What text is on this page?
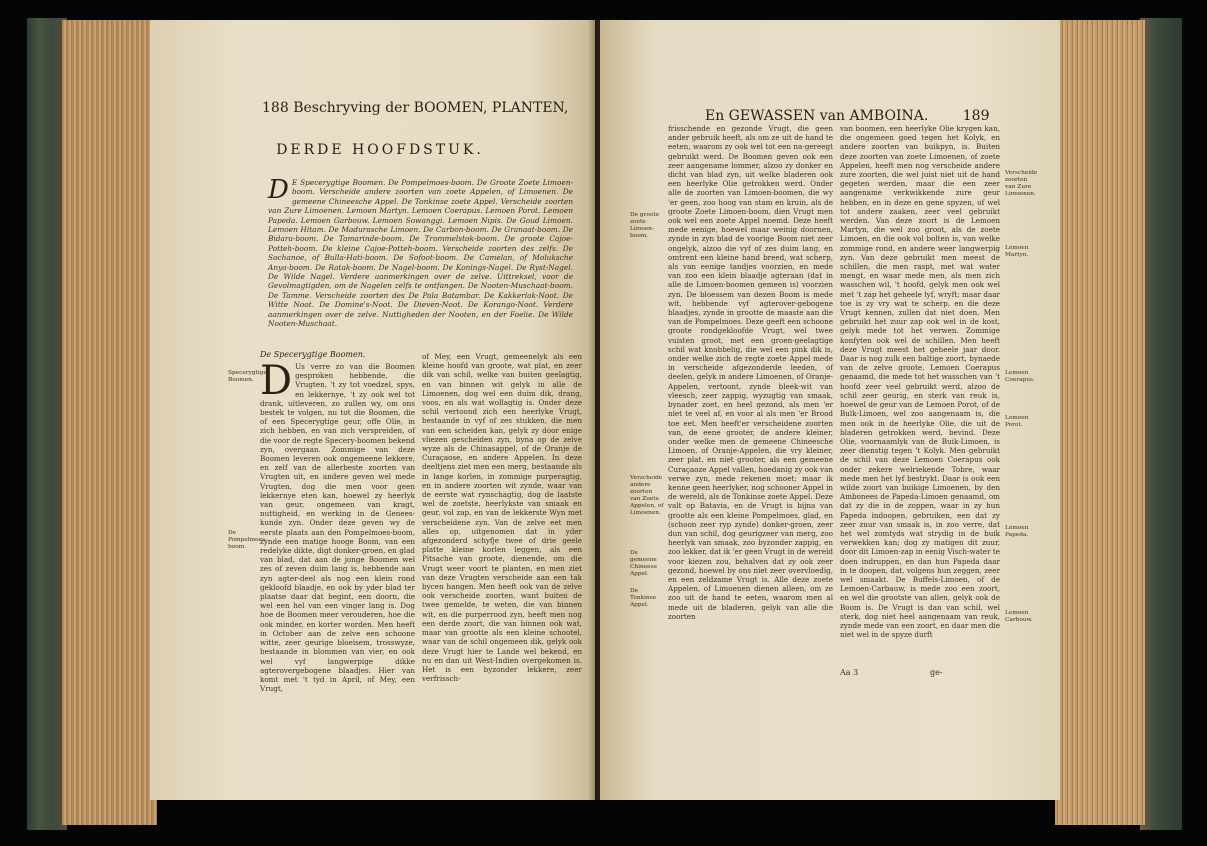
188 Beschryving der BOOMEN, PLANTEN,
DERDE HOOFDSTUK.
D E Specerygtige Boomen. De Pompelmoes-boom. De Groote Zoete Limoen-boom. Verscheide andere zoorten van zoete Appelen, of Limoenen. De gemeene Chineesche Appel. De Tonkinse zoete Appel. Verscheide zoorten van Zure Limoenen. Lemoen Martyn. Lemoen Coerapus. Lemoen Porot. Lemoen Papeda. Lemoen Garbouw. Lemoen Sowanggi. Lemoen Nipis. De Goud Limoen. Lemoen Hitam. De Madurasche Limoen. De Carbon-boom. De Granaat-boom. De Bidara-boom. De Tamarinde-boom. De Trommelstok-boom. De groote Cajoe-Potteh-boom. De kleine Cajoe-Potteh-boom. Verscheide zoorten des zelfs. De Sochanoe, of Bulla-Hati-boom. De Sofoot-boom. De Camelan, of Moluksche Anya-boom. De Ratak-boom. De Nagel-boom. De Konings-Nagel. De Ryst-Nagel. De Wilde Nagel. Verdere aanmerkingen over de zelve. Uittreksel, voor de Gevolmagtigden, om de Nagelen zelfs te ontfangen. De Nooten-Muschaat-boom. De Tamme. Verscheide zoorten des De Pala Batambar. De Kakkerlak-Noot. De Witte Noot. De Domine's-Noot. De Dieven-Noot. De Korango-Noot. Verdere aanmerkingen over de zelve. Nuttigheden der Nooten, en der Foelie. De Wilde Nooten-Muschaat.
De Specerygtige Boomen.
Specerygtige Boomen.
De Pompelmoes-boom.
D Us verre zo van die Boomen gesproken hebbende, die Vrugten, 't zy tot voedzel, spys, en lekkernye, 't zy ook wel tot drank, uitleveren, zo zullen wy, om ons bestek te volgen, nu tot die Boomen, die of een Specerygtige geur, offe Olie, in zich hebben, en van zich verspreiden, of die voor de regte Specery-boomen bekend zyn, overgaan. Zommige van deze Boomen leveren ook ongemeene lekkere, en zelf van de allerbeste zoorten van Vrugten uit, en andere geven wel mede Vrugten, dog die men voor geen lekkernye eten kan, hoewel zy heerlyk van geur, ongemeen van kragt, nuttigheid, en werking in de Genees-kunde zyn. Onder deze geven wy de eerste plaats aan den Pompelmoes-boom, zynde een matige hooge Boom, van een redelyke dikte, digt donker-groen, en glad van blad, dat aan de jonge Boomen wel zes of zeven duim lang is, hebbende aan zyn agter-deel als nog een klein rond gekloofd blaadje, en ook by yder blad ter plaatse daar dat begint, een doorn, die wel een hel van een vinger lang is. Dog hoe de Boomen meer verouderen, hoe die ook minder, en korter worden. Men heeft in October aan de zelve een schoone witte, zeer geurige bloeisem, trosswyze, bestaande in blommen van vier, en ook wel vyf langwerpige dikke agterovergebogene blaadjes. Hier van komt met 't tyd in April, of Mey, een Vrugt,
of Mey, een Vrugt, gemeenelyk als een kleine hoofd van groote, wat plat, en zeer dik van schil, welke van buiten geelagtig, en van binnen wit gelyk in alle de Limoenen, dog wel een duim dik, drang, voos, en als wat wollagtig is. Onder deze schil vertoond zich een heerlyke Vrugt, bestaande in vyf of zes stukken, die men van een scheiden kan, gelyk zy door enige vliezen gescheiden zyn, byna op de zelve wyze als de Chinasappel, of de Oranje de Curaçaose, en andere Appelen. In deze deeltjens ziet men een merg, bestaande als in lange korlen, in zommige purperagtig, en in andere zoorten wit zynde, waar van de eerste wat rynschagtig, dog de laatste wel de zoetste, heerlykste van smaak en geur, vol zap, en van de lekkerste Wyn met verscheidene zyn. Van de zelve eet men alles op, uitgenomen dat in yder afgezonderd schyfje twee of drie geele platte kleine korlen leggen, als een Pitsache van groote, dienende, om die Vrugt weer voort te planten, en men ziet van deze Vrugten verscheide aan een tak bycen hangen. Men heeft ook van de zelve ook verscheide zoorten, want buiten de twee gemelde, te weten, die van binnen wit, en die purperrood zyn, heeft men nog een derde zoort, die van binnen ook wat, maar van grootte als een kleine schootel, waar van de schil ongemeen dik, gelyk ook deze Vrugt hier te Lande wel bekend, en nu en dan uit West-Indien overgekomen is. Het is een byzonder lekkere, zeer verfrissch-
En GEWASSEN van AMBOINA. 189
De groote zoete Limoen-boom.
Verscheide andere zoorten van Zoete Appelen, of Limoenen.
De gemeene Chineese Appel.
De Tonkinse Appel.
frisschende en gezonde Vrugt, die geen ander gebruik heeft, als om ze uit de hand te eeten, waarom zy ook wel tot een na-gereegt gebruikt werd. De Boomen geven ook een zeer aangename lommer, alzoo zy donker en dicht van blad zyn, uit welke bladeren ook een heerlyke Olie getrokken werd. Onder alle de zoorten van Limoen-boomen, die wy 'er geen, zoo hoog van stam en kruin, als de groote Zoete Limoen-boom, dien Vrugt men ook wel een zoete Appel noemd. Deze heeft mede eenige, hoewel maar weinig doornen, zynde in zyn blad de voorige Boom niet zeer ongelyk, alzoo die vyf of zes duim lang, en omtrent een kleine hand breed, wat scherp, als van eenige tandjes voorzien, en mede van zoo een klein blaadje agteraan (dat in alle de Limoen-boomen gemeen is) voorzien zyn. De bloessem van dezen Boom is mede wit, hebbende vyf agterover-gebogene blaadjes, zynde in grootte de maaste aan die van de Pompelmoes. Deze geeft een schoone groote rondgekloofde Vrugt, wel twee vuisten groot, met een groen-geelagtige schil wat knobbelig, die wel een pink dik is, onder welke zich de regte zoete Appel mede in verscheide afgezonderde leeden, of deelen, gelyk in andere Limoenen, of Oranje-Appelen, vertoont, zynde bleek-wit van vleesch, zeer zappig, wyzugtig van smaak, bynader zoet, en heel gezond, als men 'er niet te veel af, en voor al als men 'er Brood toe eet. Men heeft'er verscheidene zoorten van, de eene grooter, de andere kleiner, onder welke men de gemeene Chineesche Limoen, of Oranje-Appelen, die vry kleiner, zeer plat, en niet grooter, als een gemeene Curaçaoze Appel vallen, hoedanig zy ook van verwe zyn, mede rekenen moet; maar ik kenne geen heerlyker, nog schooner Appel in de wereld, als de Tonkinse zoete Appel. Deze valt op Batavia, en de Vrugt is bijna van grootte als een kleine Pompelmoes, glad, en (schoon zeer ryp zynde) donker-groen, zeer dun van schil, dog geurigzeer van merg, zoo heerlyk van smaak, zoo byzonder zappig, en zoo lekker, dat ik 'er geen Vrugt in de wereld voor kiezen zou, behalven dat zy ook zeer gezond, hoewel by ons niet zeer overvloedig, en een zeldzame Vrugt is. Alle deze zoete Appelen, of Limoenen dienen alleen, om ze zoo uit de hand te eeten, waarom men al mede uit de bladeren, gelyk van alle die zoorten
van boomen, een heerlyke Olie krygen kan, die ongemeen goed tegen het Kolyk, en andere zoorten van buikpyn, is. Buiten deze zoorten van zoete Limoenen, of zoete Appelen, heeft men nog verscheide andere zure zoorten, die wel juist niet uit de hand gegeten werden, maar die een zeer aangename verkwikkende zure geur hebben, en in deze en gene spyzen, of wel tot andere zaaken, zeer veel gebruikt werden. Van deze zoort is de Lemoen Martyn, die wel zoo groot, als de zoete Limoen, en die ook vol bolten is, van welke zommige rond, en andere weer langwerpig zyn. Van deze gebruikt men meest de schillen, die men raspt, met wat water mengt, en waar mede men, als men zich wasschen wil, 't hoofd, gelyk men ook wel met 't zap het geheele lyf, wryft; maar daar toe is zy vry wat te scherp, en die deze Vrugt kennen, zullen dat niet doen. Men gebruikt het zuur zap ook wel in de kost, gelyk mede tot het verwen. Zommige konfyten ook wel de schillen. Men heeft deze Vrugt meest het geheele jaar door. Daar is nog zulk een baltige zoort, bynaede van de zelve groote, Lemoen Coerapus genaamd, die mede tot het wasschen van 't hoofd zeer veel gebruikt werd, alzoo de schil zeer geurig, en sterk van reuk is, hoewel de geur van de Lemoen Porot, of de Bulk-Limoen, wel zoo aangenaam is, die men ook in de heerlyke Olie, die uit de bladeren getrokken werd, bevind. Deze Olie, voornaamlyk van de Buik-Limoen, is zeer dienstig tegen 't Kolyk. Men gebruikt de schil van deze Lemoen Coerapus ook onder zekere welriekende Tobre, waar mede men het lyf bestrykt. Daar is ook een wilde zoort van buikige Limoenen, by den Ambonees de Papeda-Limoen genaamd, om dat zy die in de zoppen, waar in zy hun Papeda indoopen, gebruiken, een dat zy zeer zuur van smaak is, in zoo verre, dat het wel zomtyds wat strydig in de buik verwekken kan; dog zy matigen dit zuur, door dit Limoen-zap in eenig Visch-water te doen indruppen, en dan hun Papeda daar in te doopen, dat, volgens hun zeggen, zeer wel smaakt. De Buffels-Limoen, of de Lemoen-Carbauw, is mede zoo een zoort, en wel die grootste van allen, gelyk ook de Boom is. De Vrugt is dan van schil, wel sterk, dog niet heel aangenaam van reuk, zynde mede van een zoort, en daar men die niet wel in de spyze durft
Verscheide zoorten van Zure Limoenen.
Lemoen Martyn.
Lemoen Coerapus.
Lemoen Porot.
Lemoen Papeda.
Lemoen Carbouw.
Aa 3	ge-
